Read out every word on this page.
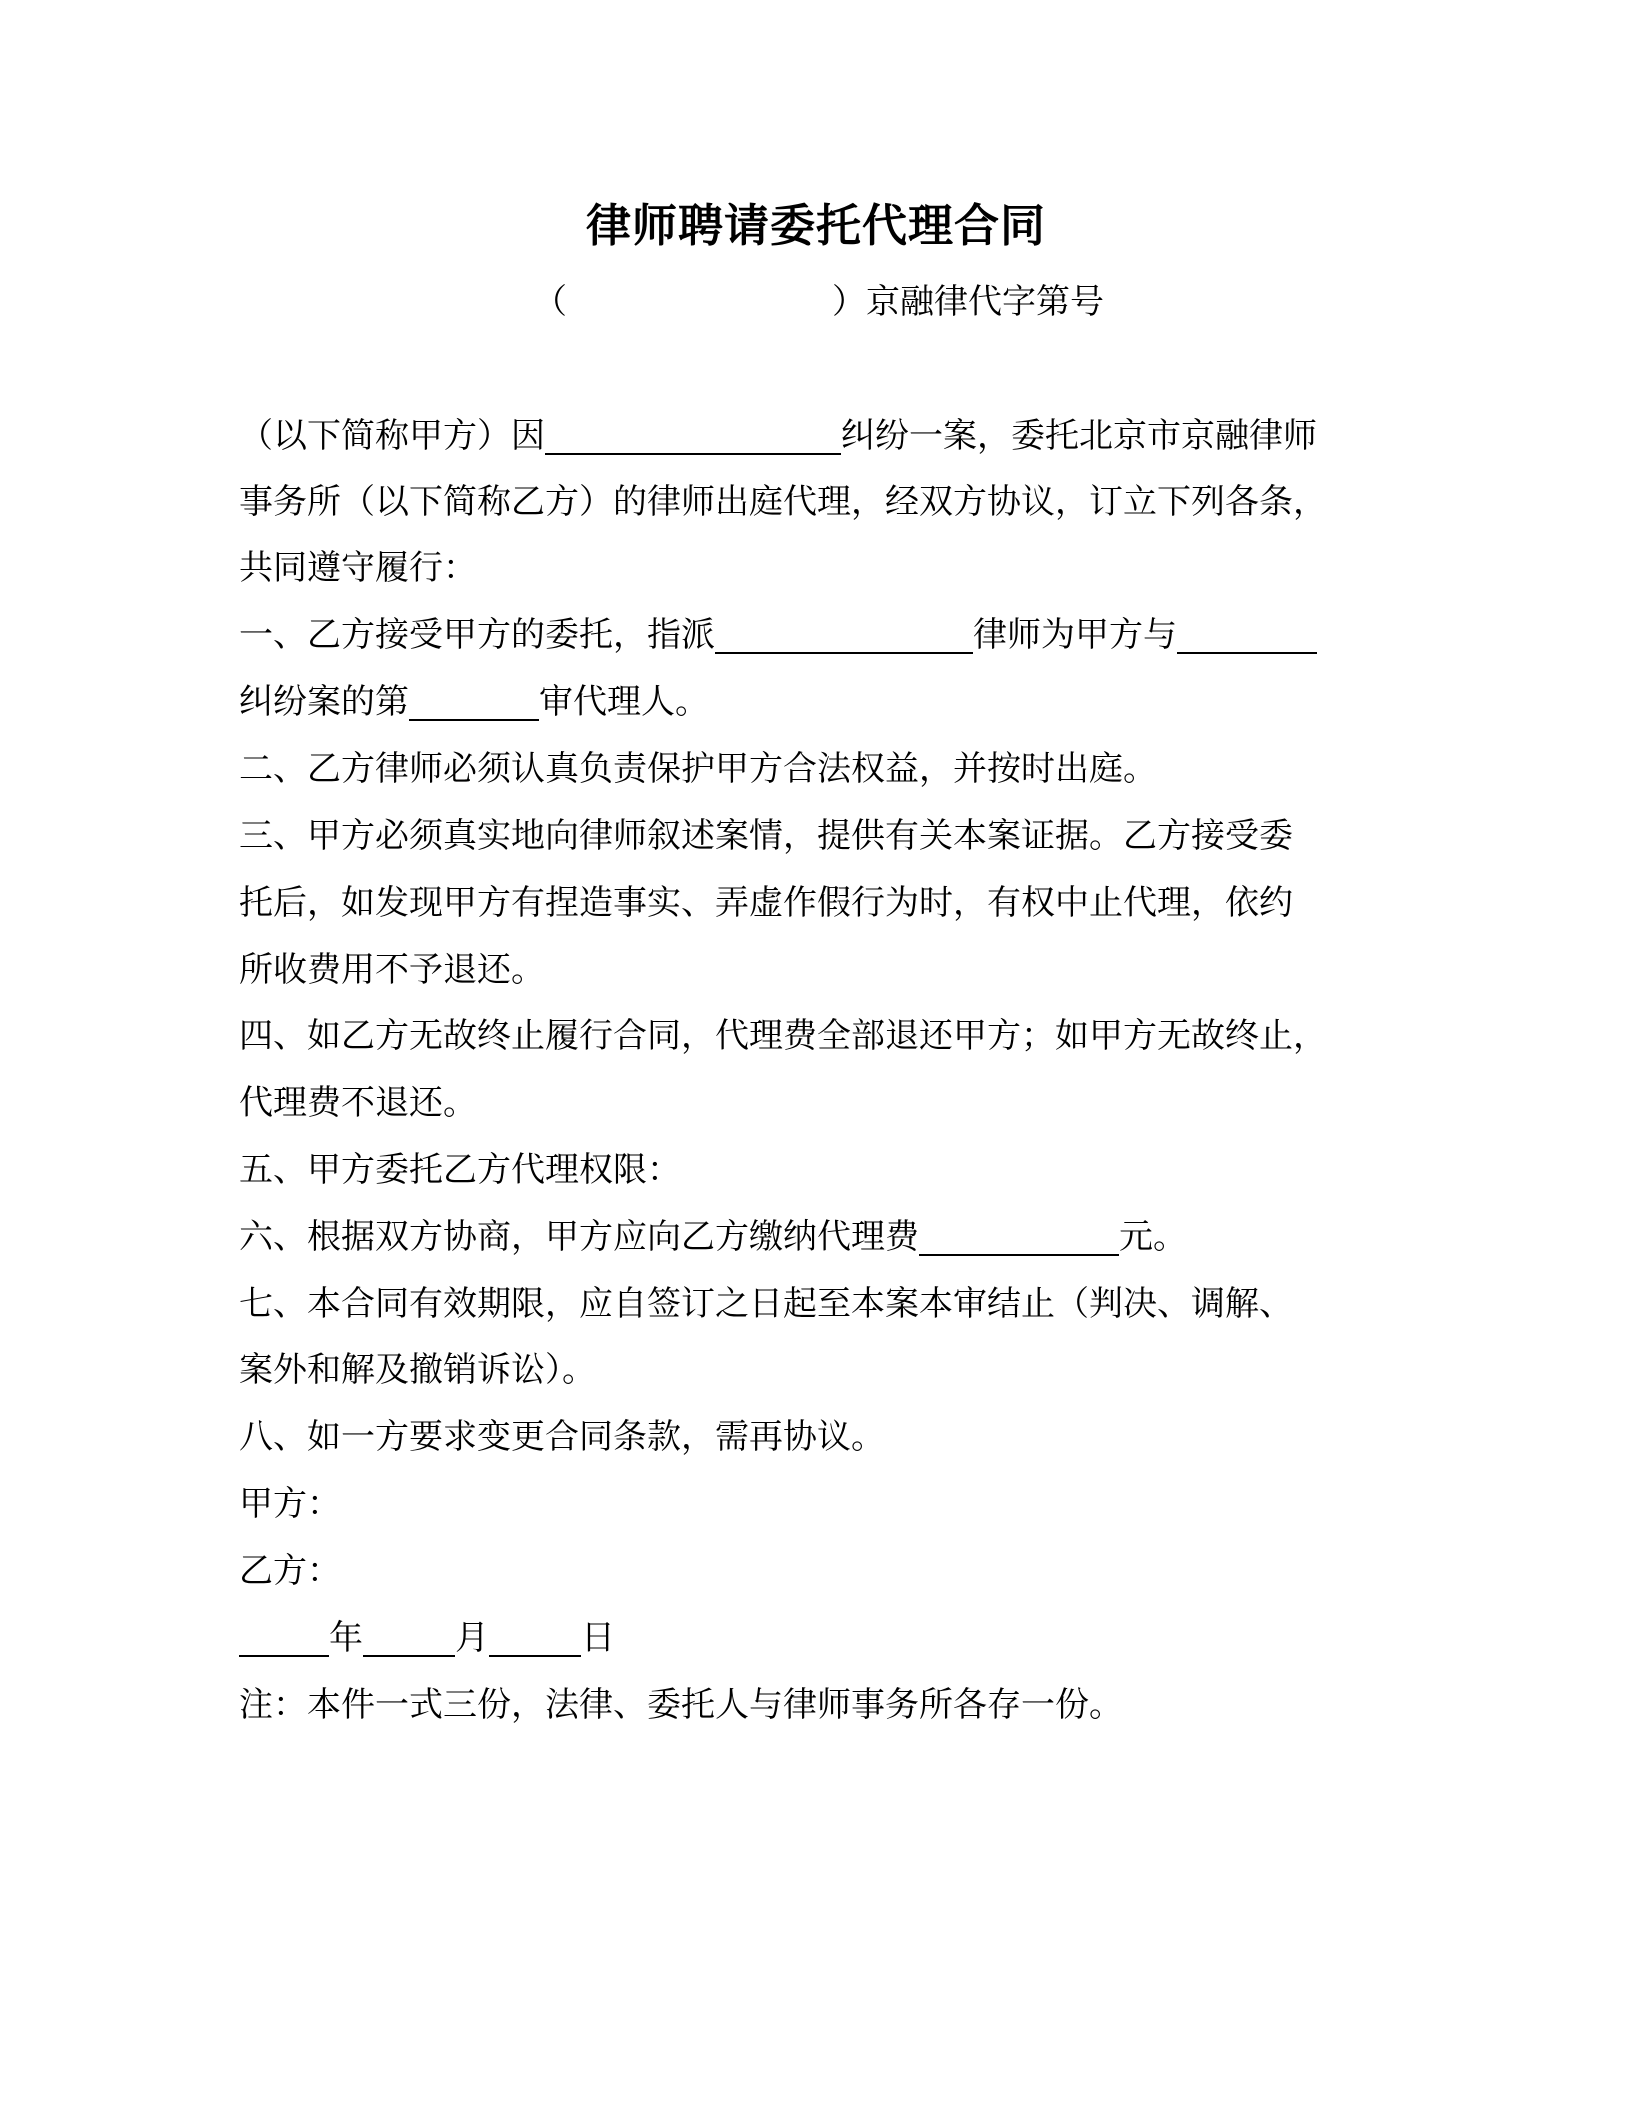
律师聘请委托代理合同
（	）京融律代字第号
（以下简称甲方）因	纠纷一案，委托北京市京融律师
事务所（以下简称乙方）的律师出庭代理，经双方协议，订立下列各条，
共同遵守履行：
一、乙方接受甲方的委托，指派	律师为甲方与
纠纷案的第	审代理人。
二、乙方律师必须认真负责保护甲方合法权益，并按时出庭。
三、甲方必须真实地向律师叙述案情，提供有关本案证据。乙方接受委
托后，如发现甲方有捏造事实、弄虚作假行为时，有权中止代理，依约
所收费用不予退还。
四、如乙方无故终止履行合同，代理费全部退还甲方；如甲方无故终止，
代理费不退还。
五、甲方委托乙方代理权限：
六、根据双方协商，甲方应向乙方缴纳代理费	元。
七、本合同有效期限，应自签订之日起至本案本审结止（判决、调解、
案外和解及撤销诉讼）。
八、如一方要求变更合同条款，需再协议。
甲方：
乙方：
年	月	日
注：本件一式三份，法律、委托人与律师事务所各存一份。
